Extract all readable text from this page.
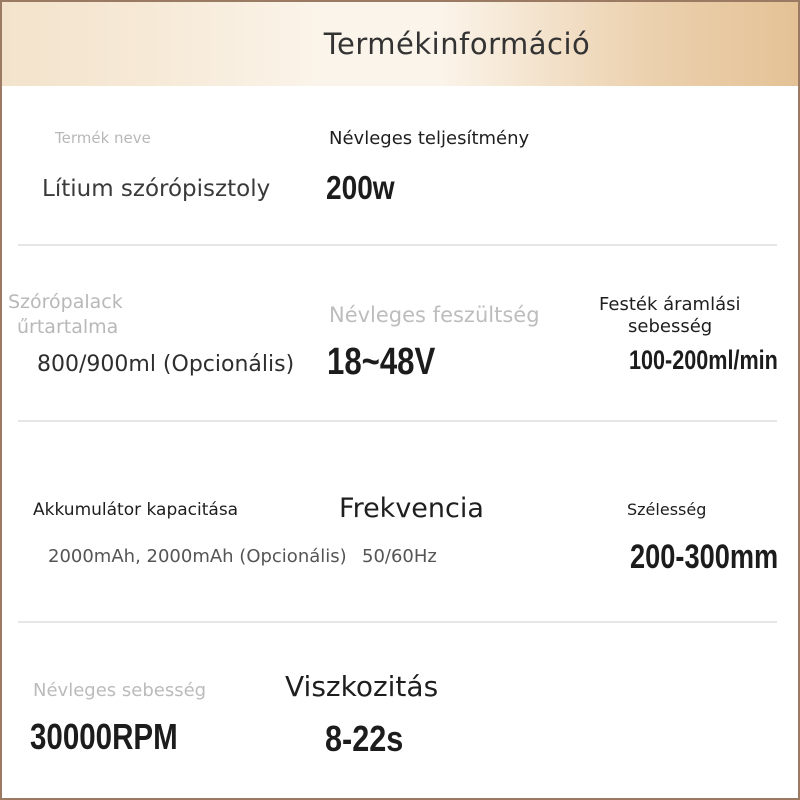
Termékinformáció
Termék neve
Lítium szórópisztoly
Névleges teljesítmény
200w
Szórópalack
űrtartalma
800/900ml (Opcionális)
Névleges feszültség
18~48V
Festék áramlási
sebesség
100-200ml/min
Akkumulátor kapacitása
2000mAh, 2000mAh (Opcionális)
Frekvencia
50/60Hz
Szélesség
200-300mm
Névleges sebesség
30000RPM
Viszkozitás
8-22s
